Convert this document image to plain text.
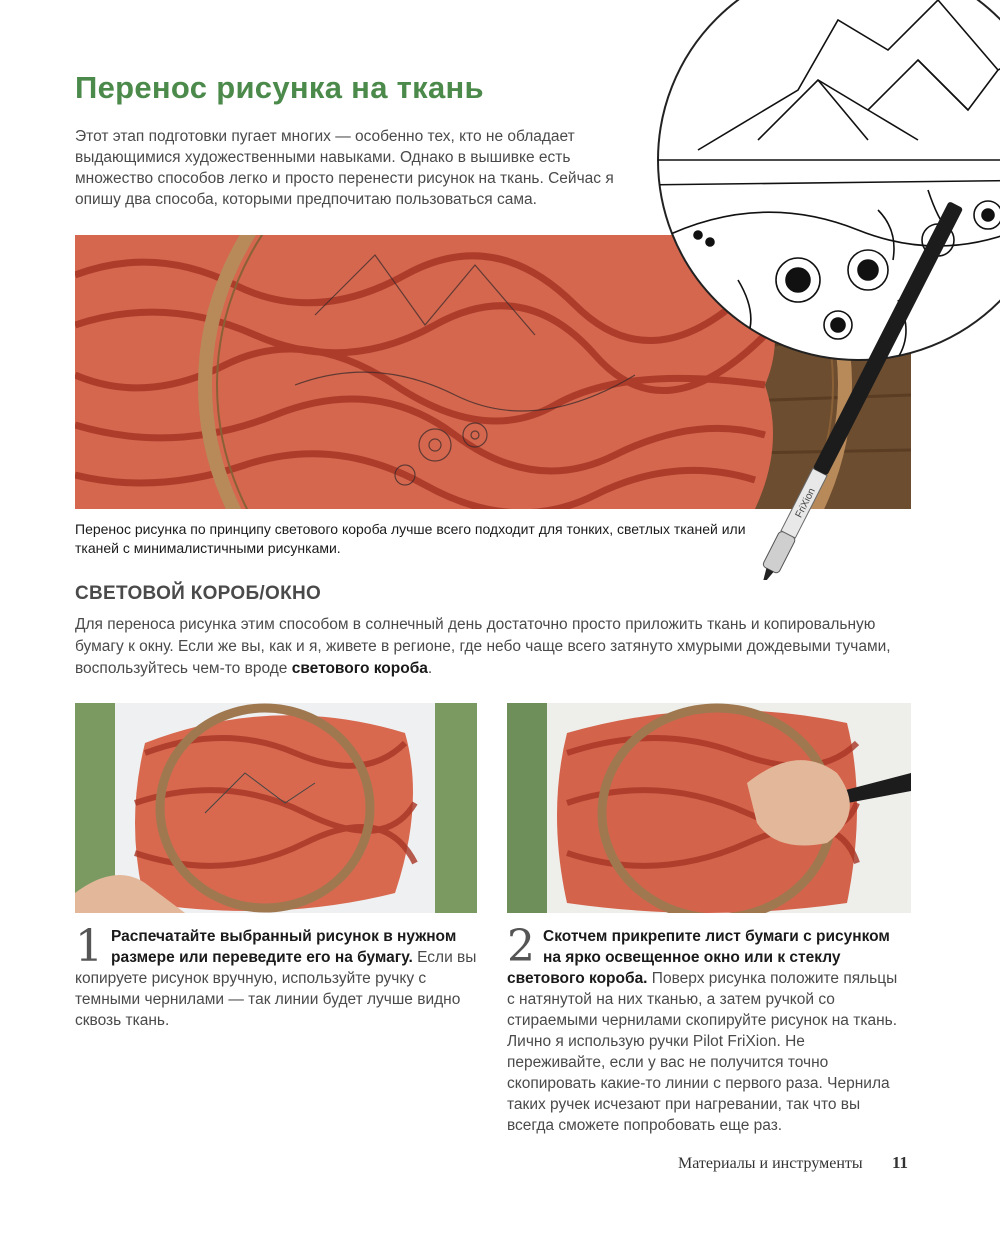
Перенос рисунка на ткань
Этот этап подготовки пугает многих — особенно тех, кто не обладает выдающимися художественными навыками. Однако в вышивке есть множество способов легко и просто перенести рисунок на ткань. Сейчас я опишу два способа, которыми предпочитаю пользоваться сама.
FriXion
Перенос рисунка по принципу светового короба лучше всего подходит для тонких, светлых тканей или тканей с минималистичными рисунками.
СВЕТОВОЙ КОРОБ/ОКНО
Для переноса рисунка этим способом в солнечный день достаточно просто приложить ткань и копировальную бумагу к окну. Если же вы, как и я, живете в регионе, где небо чаще всего затянуто хмурыми дождевыми тучами, воспользуйтесь чем-то вроде светового короба.
1 Распечатайте выбранный рисунок в нужном размере или переведите его на бумагу. Если вы копируете рисунок вручную, используйте ручку с темными чернилами — так линии будет лучше видно сквозь ткань.
2 Скотчем прикрепите лист бумаги с рисунком на ярко освещенное окно или к стеклу светового короба. Поверх рисунка положите пяльцы с натянутой на них тканью, а затем ручкой со стираемыми чернилами скопируйте рисунок на ткань. Лично я использую ручки Pilot FriXion. Не переживайте, если у вас не получится точно скопировать какие-то линии с первого раза. Чернила таких ручек исчезают при нагревании, так что вы всегда сможете попробовать еще раз.
Материалы и инструменты 11
